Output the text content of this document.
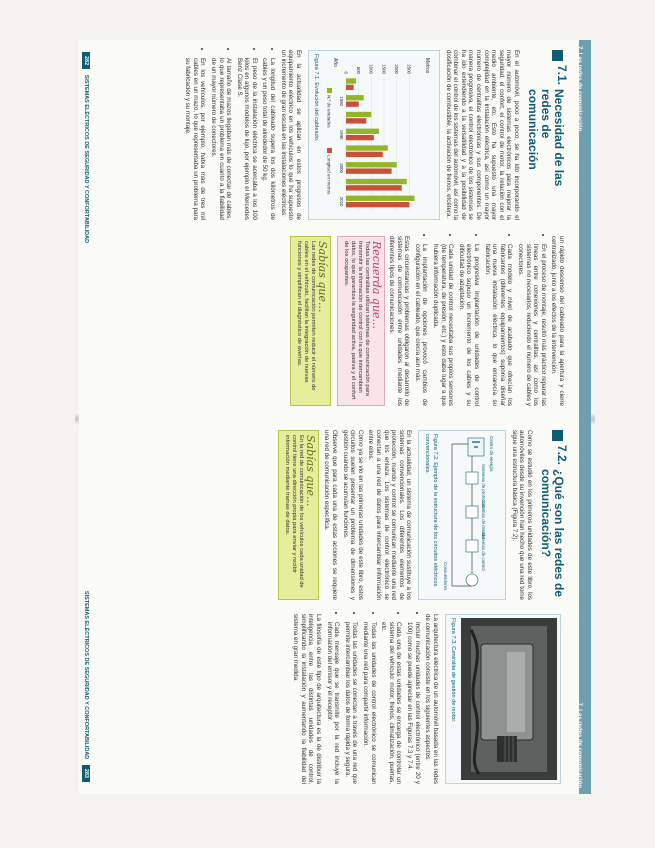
7. Las redes de comunicación
7.1.
Necesidad de las redes de comunicación

En el automóvil, poco a poco, se ha ido incorporando el mayor número de sistemas electrónicos para mejorar la seguridad, el confort, el control de motor, la relación con el medio ambiente, etc. Esto ha supuesto una mayor complejidad en la instalación eléctrica, así como un mayor número de centralitas electrónicas y sus componentes. De manera progresiva, el control electrónico de los sistemas se ha ido extendiendo a la versatilidad y a la posibilidad de combinar el control de los sistemas del automóvil, así como la dosificación de combustible, la activación de frenos, etcétera.

Metros
0 500 1000 1500 2000 2500
1980
1990
2000
2010
Año
N.º de unidades
Longitud en metros
Figura 7.1. Evolución del cableado.

En la actualidad se aplican en estos progresos de equipamiento eléctrico en los vehículos lo que ha supuesto un incremento de gran escala en las instalaciones eléctricas:

• La longitud del cableado supera los dos kilómetros de cables y un peso total de alrededor de 50 kg.
• El peso de la instalación eléctrica se acercaba a los 100 kilos en algunos modelos de lujo, por ejemplo el Mercedes Benz Clase S.
• Al tamaño de mazos llegaban más de conectar de cables, lo que representaba un problema en cuanto a la fiabilidad de un mayor número de conectores.
• En los vehículos, por ejemplo, había más de tres mil cables en un mazo, lo que representaba un problema para su fabricación y su montaje.

un rápido descenso del cableado para la apertura y cierre centralizado, junto a los efectos de la intervención.

• En el proceso de montaje, resultó más práctico reparar las líneas entre conexiones y centralitas, así como los sistemas no necesarios, reduciendo el número de cables y conectores.
• Cada modelo y nivel de acabado que ofrecían los fabricantes (diferentes equipamientos) suponía diseñar una nueva instalación eléctrica, lo que encarecía su fabricación.
• La progresiva implantación de unidades de control electrónico supuso un incremento de los cables y su dificultad de adaptación.
• Cada unidad de control necesitaba sus propios sensores (de temperatura, de presión, etc.) y esto daba lugar a que hubiera información duplicada.
• La implantación de opciones provocó cambios de configuración en el cableado, que crecía aún más.

Estas circunstancias y problemas obligaron al desarrollo de sistemas de comunicación entre unidades mediante los diferentes tipos de comunicaciones.

Recuerda que...
Todas las centralitas utilizan sistemas de comunicación para transmitir la información de control con la que intercambian datos, lo que garantiza la seguridad activa, pasiva y el confort de los ocupantes.
Sabías que...
Las redes de comunicación permiten reducir el número de cables en el vehículo, facilitan la integración de nuevas funciones y simplifican el diagnóstico de averías.
282 SISTEMAS ELÉCTRICOS DE SEGURIDAD Y CONFORTABILIDAD
7. Las redes de comunicación
7.2.
¿Qué son las redes de comunicación?

Como se estudió en los primeros unidades de este libro, los automóviles desde su invención han hecho que una red tome sigue una estructura básica (Figura 7.2).

Centro de energía
Sistemas de protección
Sistemas de mando
Sistemas de control
Consumidores
Figura 7.2. Ejemplo de la estructura de los circuitos eléctricos convencionales.

En la actualidad, un sistema de comunicación sustituye a los sistemas convencionales. Los diferentes elementos de protección, mando y control se comunican mediante una red que los enlaza. Los sistemas de control electrónico se conectan a una red de datos para intercambiar información entre ellos.

Como ya se vio en las primeras unidades de este libro, estos circuitos suelen presentar un problema de dimensiones y gestión cuando se acumulan funciones.

Observe que para cada una de estas acciones se requiere una red de comunicación específica.

Sabías que...
En la red de comunicación de los vehículos cada unidad de control tiene una dirección propia para enviar y recibir información mediante tramas de datos.
Figura 7.3. Centralita de gestión de motor.

La arquitectura eléctrica de un automóvil basada en las redes de comunicación consiste en los siguientes aspectos:

• Incluir muchas unidades de control electrónico (entre 20 y 100) como se puede apreciar en las Figuras 7.3 y 7.4.
• Cada una de estas unidades se encarga de controlar un sistema del vehículo: motor, frenos, climatización, puertas, etc.
• Todas las unidades de control electrónico se comunican mediante una red para compartir información.
• Todas las unidades se conectan a través de una red que permite intercambiar los datos de forma rápida y segura.
• Cada mensaje que se transmite por la red incluye la información del emisor y el receptor.

La filosofía de este tipo de arquitectura es la de distribuir la inteligencia entre las distintas unidades de control, simplificando la instalación y aumentando la fiabilidad del sistema en gran medida.

SISTEMAS ELÉCTRICOS DE SEGURIDAD Y CONFORTABILIDAD 283
